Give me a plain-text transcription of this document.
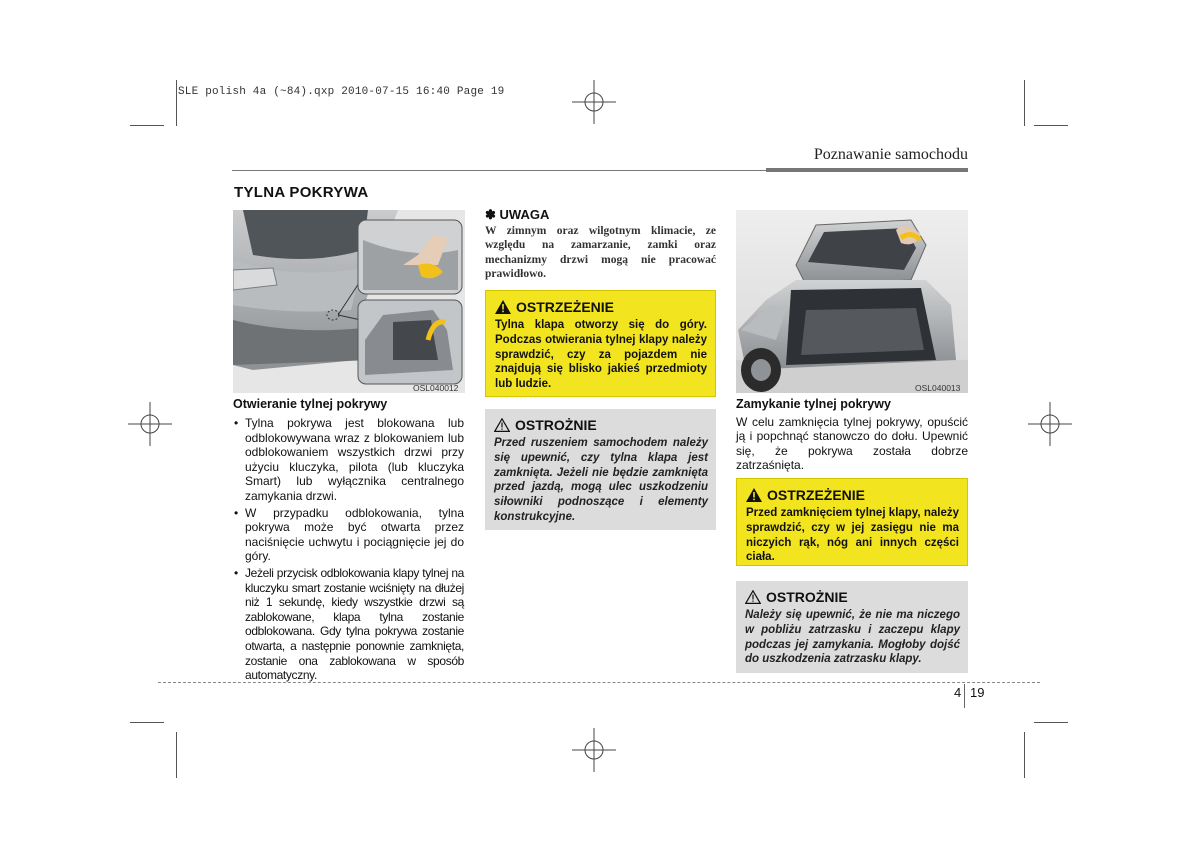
SLE polish 4a (~84).qxp 2010-07-15 16:40 Page 19
Poznawanie samochodu
TYLNA POKRYWA
OSL040012
Otwieranie tylnej pokrywy
• Tylna pokrywa jest blokowana lub odblokowywana wraz z blokowaniem lub odblokowaniem wszystkich drzwi przy użyciu kluczyka, pilota (lub kluczyka Smart) lub wyłącznika centralnego zamykania drzwi.
• W przypadku odblokowania, tylna pokrywa może być otwarta przez naciśnięcie uchwytu i pociągnięcie jej do góry.
• Jeżeli przycisk odblokowania klapy tylnej na kluczyku smart zostanie wciśnięty na dłużej niż 1 sekundę, kiedy wszystkie drzwi są zablokowane, klapa tylna zostanie odblokowana. Gdy tylna pokrywa zostanie otwarta, a następnie ponownie zamknięta, zostanie ona zablokowana w sposób automatyczny.
✽ UWAGA
W zimnym oraz wilgotnym klimacie, ze względu na zamarzanie, zamki oraz mechanizmy drzwi mogą nie pracować prawidłowo.
OSTRZEŻENIE
Tylna klapa otworzy się do góry. Podczas otwierania tylnej klapy należy sprawdzić, czy za pojazdem nie znajdują się blisko jakieś przedmioty lub ludzie.
OSTROŻNIE
Przed ruszeniem samochodem należy się upewnić, czy tylna klapa jest zamknięta. Jeżeli nie będzie zamknięta przed jazdą, mogą ulec uszkodzeniu siłowniki podnoszące i elementy konstrukcyjne.
OSL040013
Zamykanie tylnej pokrywy
W celu zamknięcia tylnej pokrywy, opuścić ją i popchnąć stanowczo do dołu. Upewnić się, że pokrywa została dobrze zatrzaśnięta.
OSTRZEŻENIE
Przed zamknięciem tylnej klapy, należy sprawdzić, czy w jej zasięgu nie ma niczyich rąk, nóg ani innych części ciała.
OSTROŻNIE
Należy się upewnić, że nie ma niczego w pobliżu zatrzasku i zaczepu klapy podczas jej zamykania. Mogłoby dojść do uszkodzenia zatrzasku klapy.
4 19
